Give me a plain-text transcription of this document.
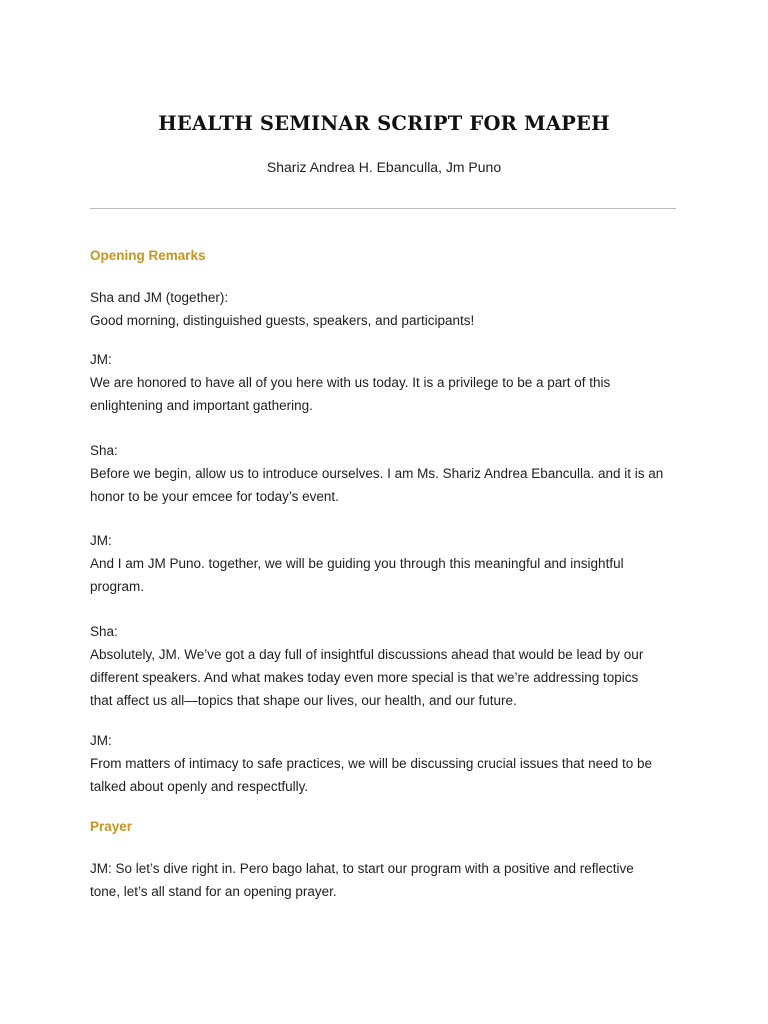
HEALTH SEMINAR SCRIPT FOR MAPEH
Shariz Andrea H. Ebanculla, Jm Puno
Opening Remarks
Sha and JM (together):
Good morning, distinguished guests, speakers, and participants!
JM:
We are honored to have all of you here with us today. It is a privilege to be a part of this
enlightening and important gathering.
Sha:
Before we begin, allow us to introduce ourselves. I am Ms. Shariz Andrea Ebanculla. and it is an
honor to be your emcee for today’s event.
JM:
And I am JM Puno. together, we will be guiding you through this meaningful and insightful
program.
Sha:
Absolutely, JM. We’ve got a day full of insightful discussions ahead that would be lead by our
different speakers. And what makes today even more special is that we’re addressing topics
that affect us all—topics that shape our lives, our health, and our future.
JM:
From matters of intimacy to safe practices, we will be discussing crucial issues that need to be
talked about openly and respectfully.
Prayer
JM: So let’s dive right in. Pero bago lahat, to start our program with a positive and reflective
tone, let’s all stand for an opening prayer.
